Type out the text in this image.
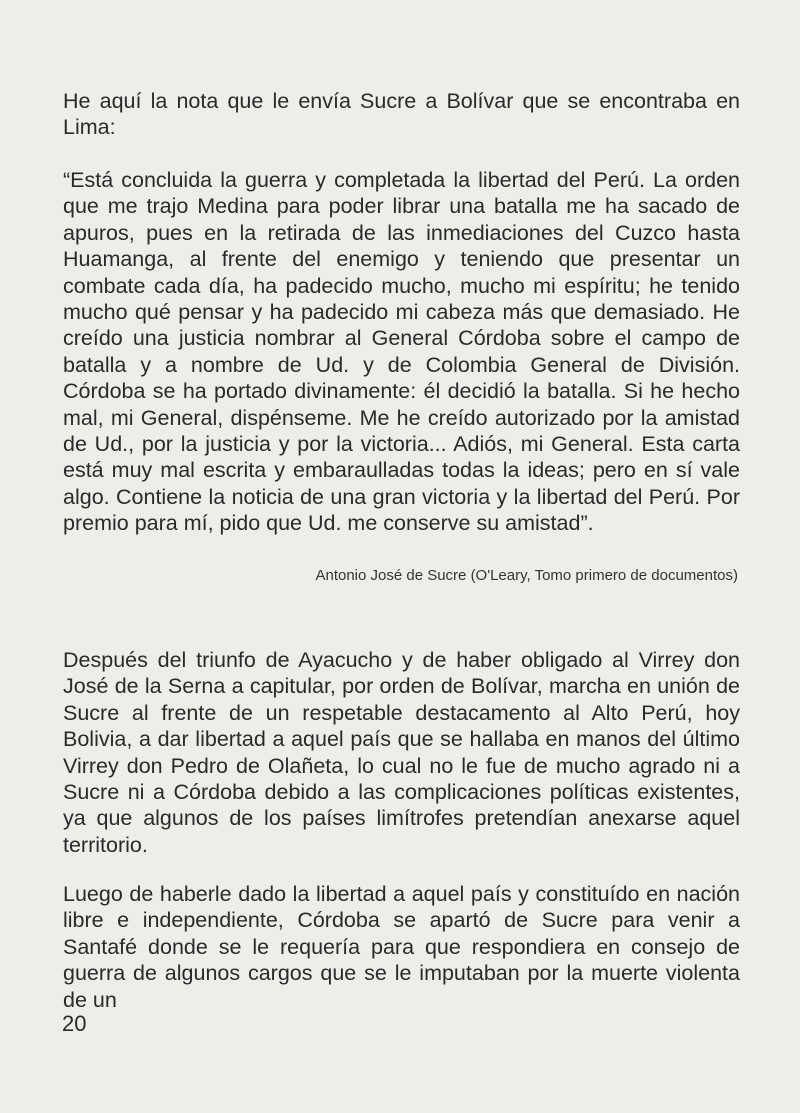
He aquí la nota que le envía Sucre a Bolívar que se encontraba en Lima:

“Está concluida la guerra y completada la libertad del Perú. La orden que me trajo Medina para poder librar una batalla me ha sacado de apuros, pues en la retirada de las inmediaciones del Cuzco hasta Huamanga, al frente del enemigo y teniendo que presentar un combate cada día, ha padecido mucho, mucho mi espíritu; he tenido mucho qué pensar y ha padecido mi cabeza más que demasiado. He creído una justicia nombrar al General Córdoba sobre el campo de batalla y a nombre de Ud. y de Colombia General de División. Córdoba se ha portado divinamente: él decidió la batalla. Si he hecho mal, mi General, dispénseme. Me he creído autorizado por la amistad de Ud., por la justicia y por la victoria... Adiós, mi General. Esta carta está muy mal escrita y embaraulladas todas la ideas; pero en sí vale algo. Contiene la noticia de una gran victoria y la libertad del Perú. Por premio para mí, pido que Ud. me conserve su amistad”.

Antonio José de Sucre (O'Leary, Tomo primero de documentos)

Después del triunfo de Ayacucho y de haber obligado al Virrey don José de la Serna a capitular, por orden de Bolívar, marcha en unión de Sucre al frente de un respetable destacamento al Alto Perú, hoy Bolivia, a dar libertad a aquel país que se hallaba en manos del último Virrey don Pedro de Olañeta, lo cual no le fue de mucho agrado ni a Sucre ni a Córdoba debido a las complicaciones políticas existentes, ya que algunos de los países limítrofes pretendían anexarse aquel territorio.

Luego de haberle dado la libertad a aquel país y constituído en nación libre e independiente, Córdoba se apartó de Sucre para venir a Santafé donde se le requería para que respondiera en consejo de guerra de algunos cargos que se le imputaban por la muerte violenta de un

20
